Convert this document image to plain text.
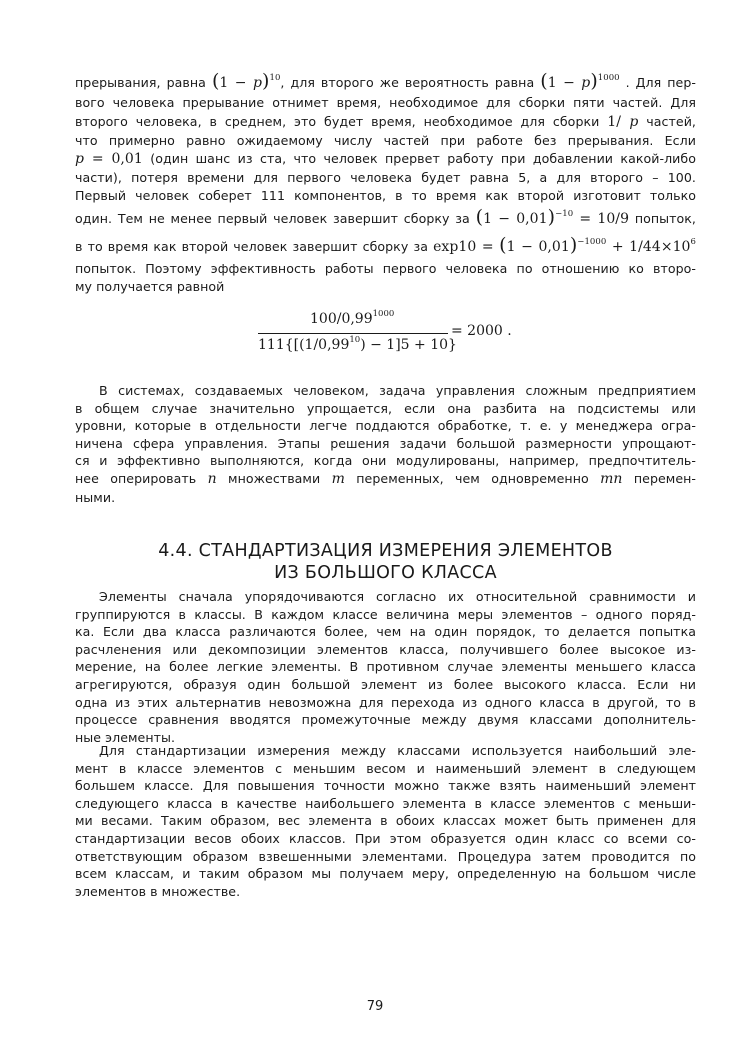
прерывания, равна $(1 - p)^{10}$, для второго же вероятность равна $(1 - p)^{1000}$ . Для пер-
вого человека прерывание отнимет время, необходимое для сборки пяти частей. Для
второго человека, в среднем, это будет время, необходимое для сборки 1/ p частей,
что примерно равно ожидаемому числу частей при работе без прерывания. Если
p = 0,01 (один шанс из ста, что человек прервет работу при добавлении какой-либо
части), потеря времени для первого человека будет равна 5, а для второго – 100.
Первый человек соберет 111 компонентов, в то время как второй изготовит только
один. Тем не менее первый человек завершит сборку за $(1 - 0,01)^{-10} = 10/9$ попыток,
в то время как второй человек завершит сборку за $\exp 10 = (1 - 0,01)^{-1000} + 1/44\times 10^6$
попыток. Поэтому эффективность работы первого человека по отношению ко второ-
му получается равной
$100/0,99^{1000}$
$111\{[(1/0,99^{10}) - 1]5 + 10\}$
= 2000 .
В системах, создаваемых человеком, задача управления сложным предприятием
в общем случае значительно упрощается, если она разбита на подсистемы или
уровни, которые в отдельности легче поддаются обработке, т. е. у менеджера огра-
ничена сфера управления. Этапы решения задачи большой размерности упрощают-
ся и эффективно выполняются, когда они модулированы, например, предпочтитель-
нее оперировать n множествами m переменных, чем одновременно mn перемен-
ными.
4.4. СТАНДАРТИЗАЦИЯ ИЗМЕРЕНИЯ ЭЛЕМЕНТОВ
ИЗ БОЛЬШОГО КЛАССА
Элементы сначала упорядочиваются согласно их относительной сравнимости и
группируются в классы. В каждом классе величина меры элементов – одного поряд-
ка. Если два класса различаются более, чем на один порядок, то делается попытка
расчленения или декомпозиции элементов класса, получившего более высокое из-
мерение, на более легкие элементы. В противном случае элементы меньшего класса
агрегируются, образуя один большой элемент из более высокого класса. Если ни
одна из этих альтернатив невозможна для перехода из одного класса в другой, то в
процессе сравнения вводятся промежуточные между двумя классами дополнитель-
ные элементы.
Для стандартизации измерения между классами используется наибольший эле-
мент в классе элементов с меньшим весом и наименьший элемент в следующем
большем классе. Для повышения точности можно также взять наименьший элемент
следующего класса в качестве наибольшего элемента в классе элементов с меньши-
ми весами. Таким образом, вес элемента в обоих классах может быть применен для
стандартизации весов обоих классов. При этом образуется один класс со всеми со-
ответствующим образом взвешенными элементами. Процедура затем проводится по
всем классам, и таким образом мы получаем меру, определенную на большом числе
элементов в множестве.
79
